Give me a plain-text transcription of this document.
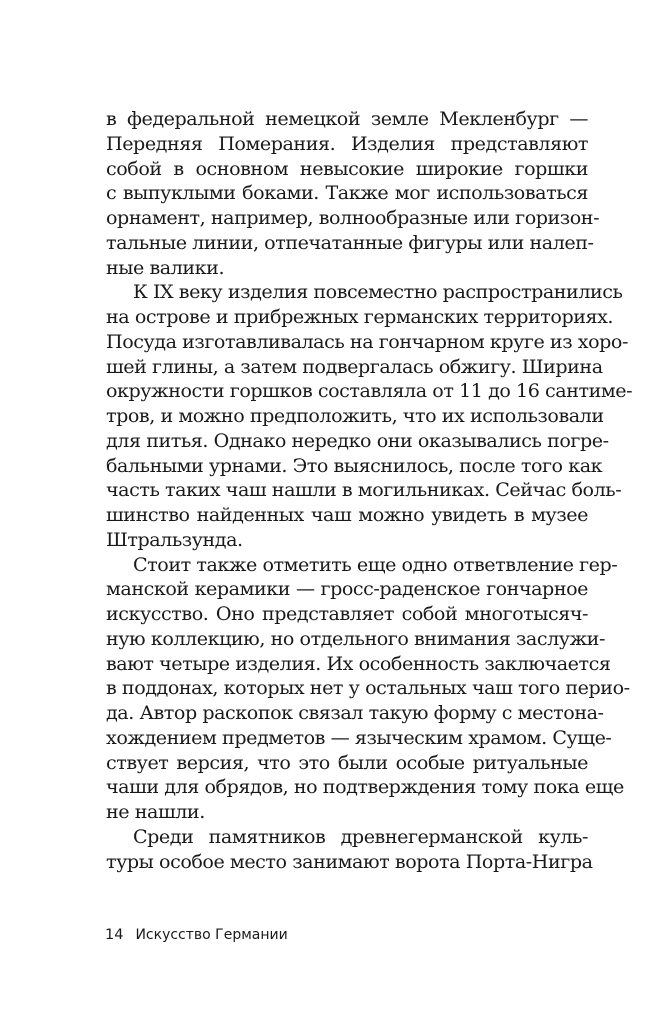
в федеральной немецкой земле Мекленбург —
Передняя Померания. Изделия представляют
собой в основном невысокие широкие горшки
с выпуклыми боками. Также мог использоваться
орнамент, например, волнообразные или горизон-
тальные линии, отпечатанные фигуры или налеп-
ные валики.
К IX веку изделия повсеместно распространились
на острове и прибрежных германских территориях.
Посуда изготавливалась на гончарном круге из хоро-
шей глины, а затем подвергалась обжигу. Ширина
окружности горшков составляла от 11 до 16 сантиме-
тров, и можно предположить, что их использовали
для питья. Однако нередко они оказывались погре-
бальными урнами. Это выяснилось, после того как
часть таких чаш нашли в могильниках. Сейчас боль-
шинство найденных чаш можно увидеть в музее
Штральзунда.
Стоит также отметить еще одно ответвление гер-
манской керамики — гросс-раденское гончарное
искусство. Оно представляет собой многотысяч-
ную коллекцию, но отдельного внимания заслужи-
вают четыре изделия. Их особенность заключается
в поддонах, которых нет у остальных чаш того перио-
да. Автор раскопок связал такую форму с местона-
хождением предметов — языческим храмом. Суще-
ствует версия, что это были особые ритуальные
чаши для обрядов, но подтверждения тому пока еще
не нашли.
Среди памятников древнегерманской куль-
туры особое место занимают ворота Порта-Нигра
14 Искусство Германии
